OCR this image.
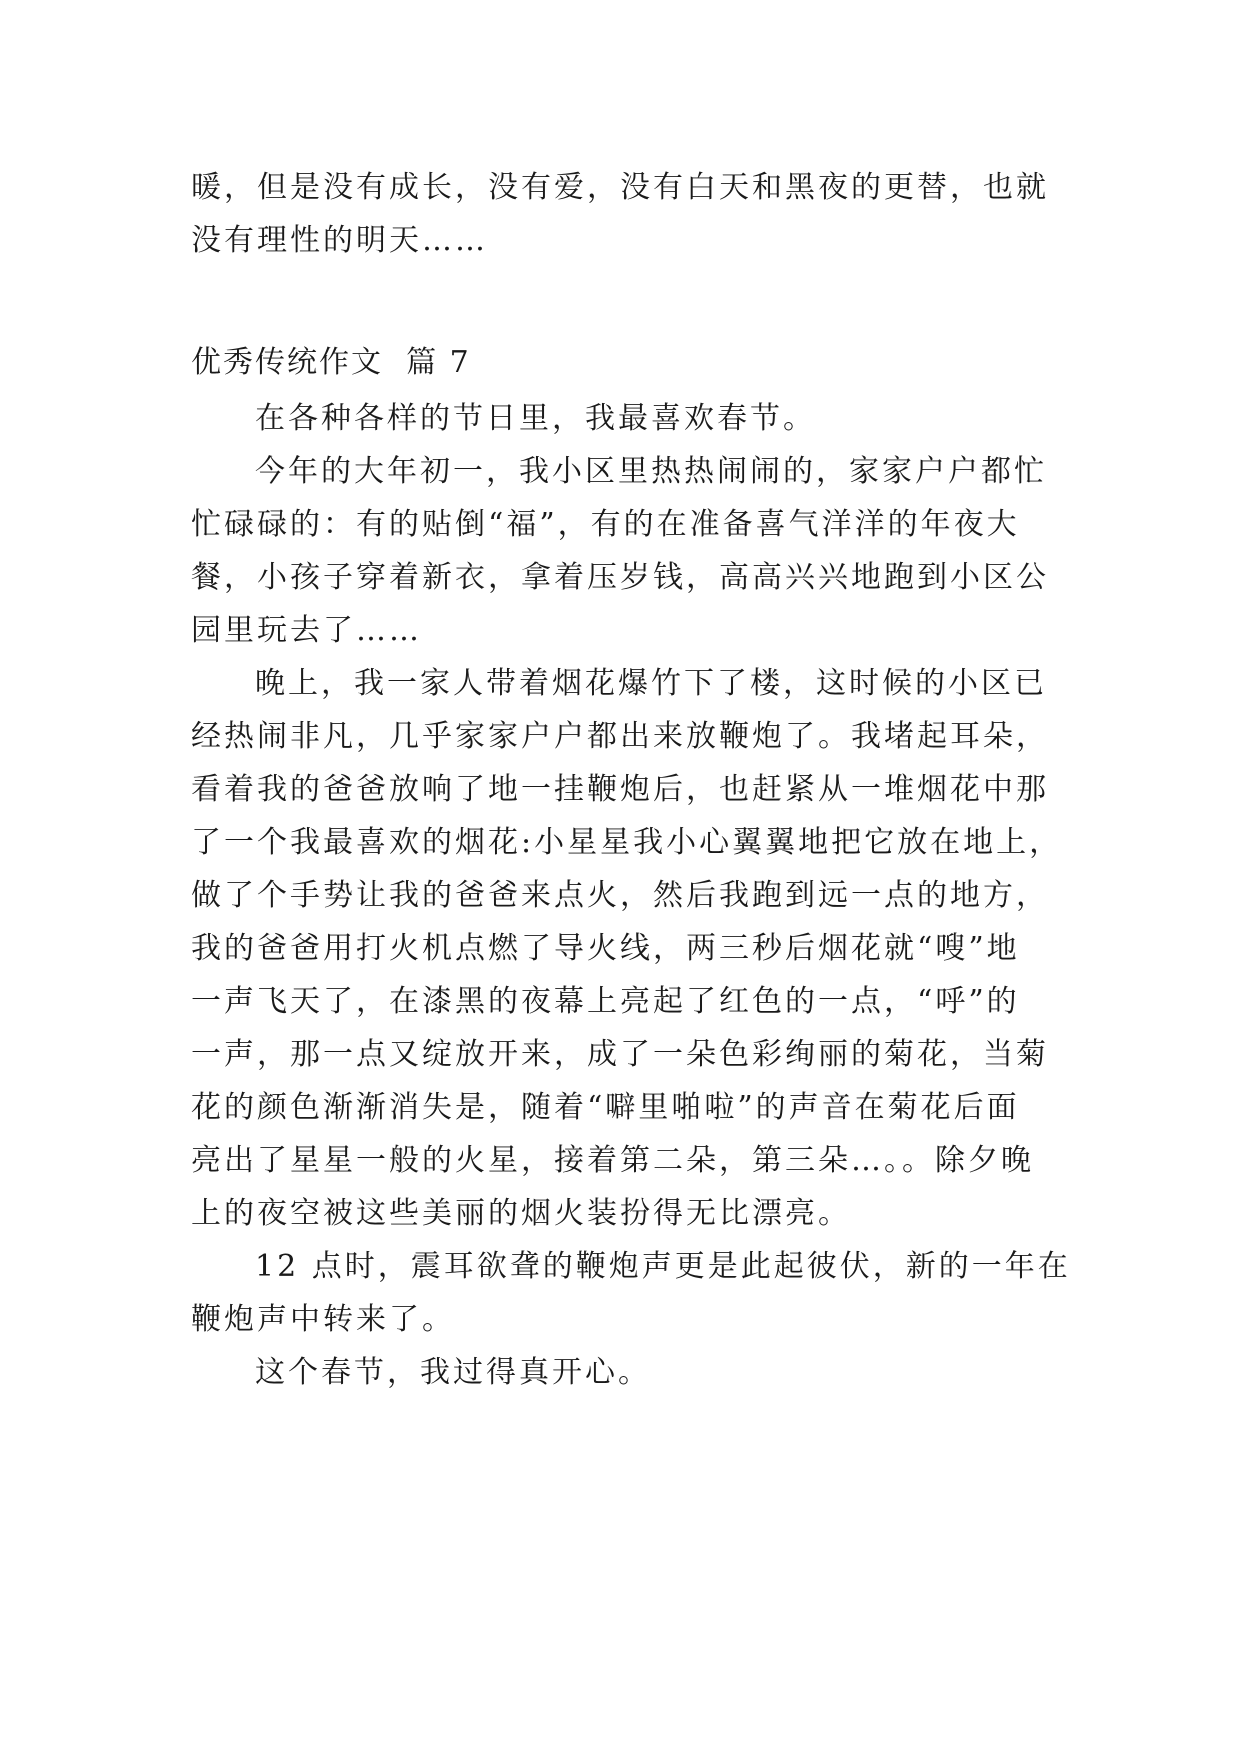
暖，但是没有成长，没有爱，没有白天和黑夜的更替，也就
没有理性的明天……
优秀传统作文  篇 7
在各种各样的节日里，我最喜欢春节。
今年的大年初一，我小区里热热闹闹的，家家户户都忙
忙碌碌的：有的贴倒“福”，有的在准备喜气洋洋的年夜大
餐，小孩子穿着新衣，拿着压岁钱，高高兴兴地跑到小区公
园里玩去了……
晚上，我一家人带着烟花爆竹下了楼，这时候的小区已
经热闹非凡，几乎家家户户都出来放鞭炮了。我堵起耳朵，
看着我的爸爸放响了地一挂鞭炮后，也赶紧从一堆烟花中那
了一个我最喜欢的烟花:小星星我小心翼翼地把它放在地上，
做了个手势让我的爸爸来点火，然后我跑到远一点的地方，
我的爸爸用打火机点燃了导火线，两三秒后烟花就“嗖”地
一声飞天了，在漆黑的夜幕上亮起了红色的一点，“呼”的
一声，那一点又绽放开来，成了一朵色彩绚丽的菊花，当菊
花的颜色渐渐消失是，随着“噼里啪啦”的声音在菊花后面
亮出了星星一般的火星，接着第二朵，第三朵…。。除夕晚
上的夜空被这些美丽的烟火装扮得无比漂亮。
12 点时，震耳欲聋的鞭炮声更是此起彼伏，新的一年在
鞭炮声中转来了。
这个春节，我过得真开心。
